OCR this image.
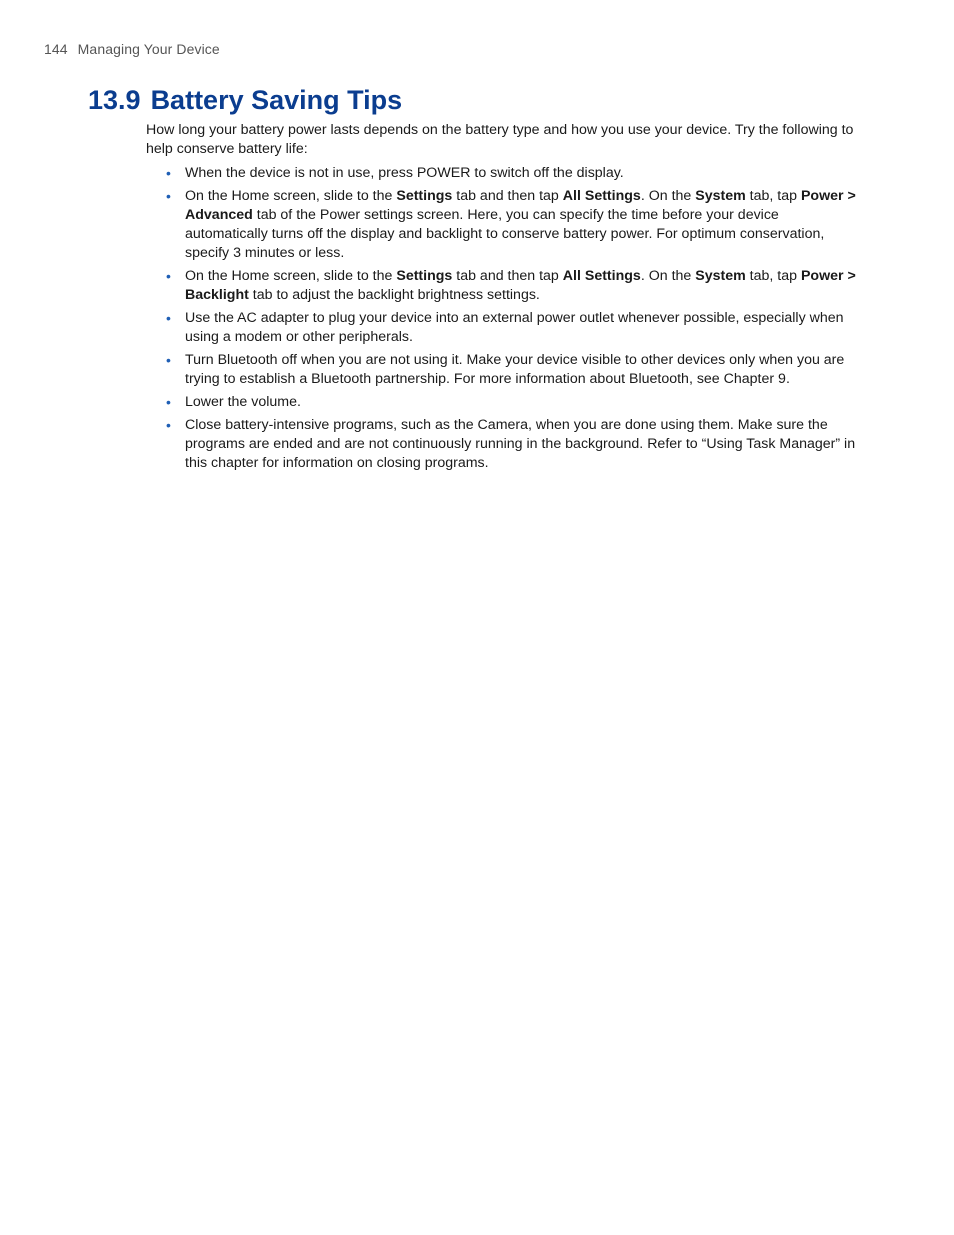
144 Managing Your Device
13.9 Battery Saving Tips

How long your battery power lasts depends on the battery type and how you use your device. Try the following to help conserve battery life:

• When the device is not in use, press POWER to switch off the display.
• On the Home screen, slide to the Settings tab and then tap All Settings. On the System tab, tap Power > Advanced tab of the Power settings screen. Here, you can specify the time before your device automatically turns off the display and backlight to conserve battery power. For optimum conservation, specify 3 minutes or less.
• On the Home screen, slide to the Settings tab and then tap All Settings. On the System tab, tap Power > Backlight tab to adjust the backlight brightness settings.
• Use the AC adapter to plug your device into an external power outlet whenever possible, especially when using a modem or other peripherals.
• Turn Bluetooth off when you are not using it. Make your device visible to other devices only when you are trying to establish a Bluetooth partnership. For more information about Bluetooth, see Chapter 9.
• Lower the volume.
• Close battery-intensive programs, such as the Camera, when you are done using them. Make sure the programs are ended and are not continuously running in the background. Refer to “Using Task Manager” in this chapter for information on closing programs.
